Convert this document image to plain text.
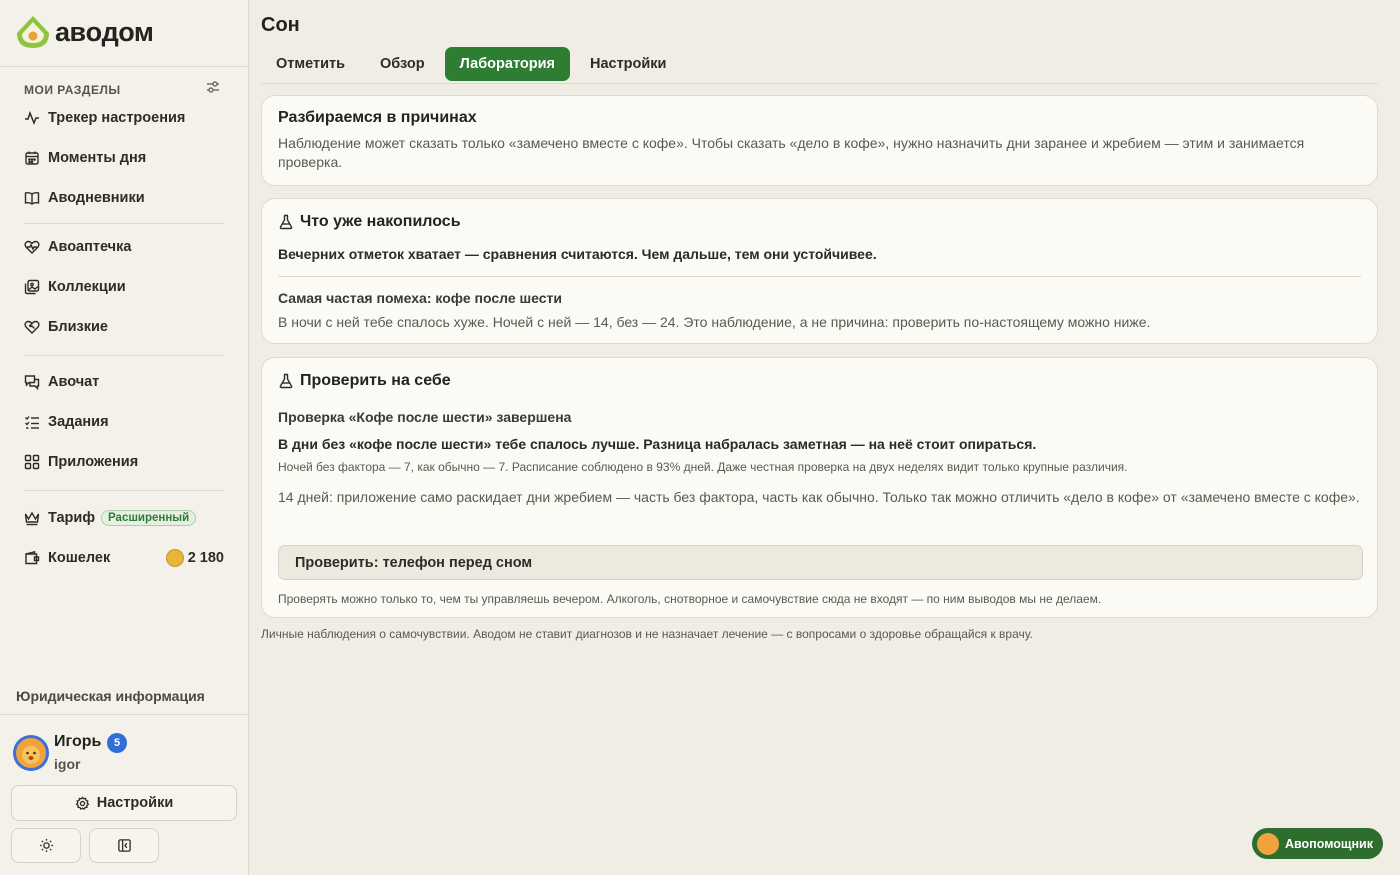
авoдом
МОИ РАЗДЕЛЫ
Трекер настроения
Моменты дня
Аводневники
Авоаптечка
Коллекции
Близкие
Авочат
Задания
Приложения
Тариф	Расширенный
Кошелек	2 180
Юридическая информация
Игорь	5
igor
Настройки
Сон
Отметить	Обзор	Лаборатория	Настройки
Разбираемся в причинах
Наблюдение может сказать только «замечено вместе с кофе». Чтобы сказать «дело в кофе», нужно назначить дни заранее и жребием — этим и занимается проверка.
Что уже накопилось
Вечерних отметок хватает — сравнения считаются. Чем дальше, тем они устойчивее.
Самая частая помеха: кофе после шести
В ночи с ней тебе спалось хуже. Ночей с ней — 14, без — 24. Это наблюдение, а не причина: проверить по-настоящему можно ниже.
Проверить на себе
Проверка «Кофе после шести» завершена
В дни без «кофе после шести» тебе спалось лучше. Разница набралась заметная — на неё стоит опираться.
Ночей без фактора — 7, как обычно — 7. Расписание соблюдено в 93% дней. Даже честная проверка на двух неделях видит только крупные различия.
14 дней: приложение само раскидает дни жребием — часть без фактора, часть как обычно. Только так можно отличить «дело в кофе» от «замечено вместе с кофе».
Проверить: телефон перед сном
Проверять можно только то, чем ты управляешь вечером. Алкоголь, снотворное и самочувствие сюда не входят — по ним выводов мы не делаем.
Личные наблюдения о самочувствии. Аводом не ставит диагнозов и не назначает лечение — с вопросами о здоровье обращайся к врачу.
Авопомощник
